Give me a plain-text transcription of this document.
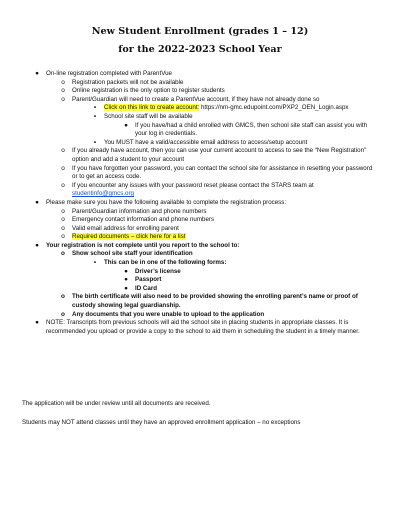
New Student Enrollment (grades 1 – 12)
for the 2022-2023 School Year
●	On-line registration completed with ParentVue
o	Registration packets will not be available
o	Online registration is the only option to register students
o	Parent/Guardian will need to create a ParentVue account, if they have not already done so
▪	Click on this link to create account: https://nm-gmc.edupoint.com/PXP2_OEN_Login.aspx
▪	School site staff will be available
●	If you have/had a child enrolled with GMCS, then school site staff can assist you with your log in credentials.
▪	You MUST have a valid/accessible email address to access/setup account
o	If you already have account, then you can use your current account to access to see the “New Registration” option and add a student to your account
o	If you have forgotten your password, you can contact the school site for assistance in resetting your password or to get an access code.
o	If you encounter any issues with your password reset please contact the STARS team at studentinfo@gmcs.org
●	Please make sure you have the following available to complete the registration process:
o	Parent/Guardian information and phone numbers
o	Emergency contact information and phone numbers
o	Valid email address for enrolling parent
o	Required documents – click here for a list
●	Your registration is not complete until you report to the school to:
o	Show school site staff your identification
▪	This can be in one of the following forms:
●	Driver’s license
●	Passport
●	ID Card
o	The birth certificate will also need to be provided showing the enrolling parent’s name or proof of custody showing legal guardianship.
o	Any documents that you were unable to upload to the application
●	NOTE: Transcripts from previous schools will aid the school site in placing students in appropriate classes. It is recommended you upload or provide a copy to the school to aid them in scheduling the student in a timely manner.
The application will be under review until all documents are received.
Students may NOT attend classes until they have an approved enrollment application – no exceptions
